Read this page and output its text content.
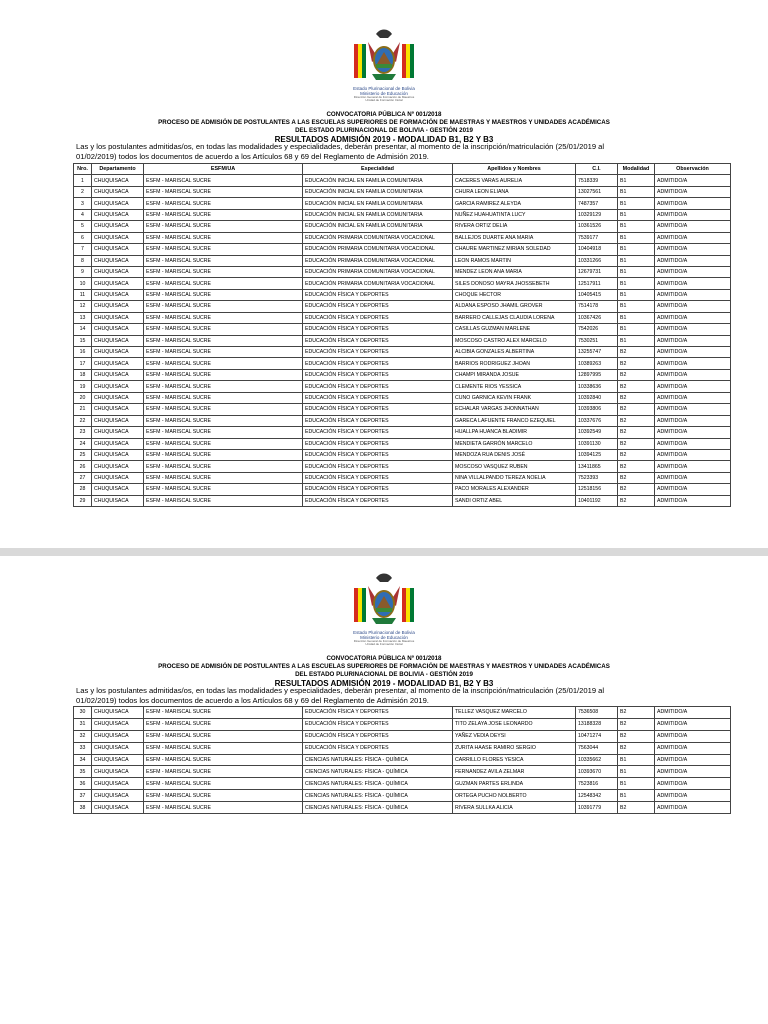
Estado Plurinacional de Bolivia
Ministerio de Educación
Dirección General de Formación de Maestros
Unidad de Formación Inicial
CONVOCATORIA PÚBLICA Nº 001/2018
PROCESO DE ADMISIÓN DE POSTULANTES A LAS ESCUELAS SUPERIORES DE FORMACIÓN DE MAESTRAS Y MAESTROS Y UNIDADES ACADÉMICAS
DEL ESTADO PLURINACIONAL DE BOLIVIA - GESTIÓN 2019
RESULTADOS ADMISIÓN 2019 - MODALIDAD B1, B2 Y B3
Las y los postulantes admitidas/os, en todas las modalidades y especialidades, deberán presentar, al momento de la inscripción/matriculación (25/01/2019 al
01/02/2019) todos los documentos de acuerdo a los Artículos 68 y 69 del Reglamento de Admisión 2019.
Nro.	Departamento	ESFM/UA	Especialidad	Apellidos y Nombres	C.I.	Modalidad	Observación
1	CHUQUISACA	ESFM - MARISCAL SUCRE	EDUCACIÓN INICIAL EN FAMILIA COMUNITARIA	CACERES VARAS AURELIA	7518339	B1	ADMITIDO/A
2	CHUQUISACA	ESFM - MARISCAL SUCRE	EDUCACIÓN INICIAL EN FAMILIA COMUNITARIA	CHURA LEON ELIANA	13027561	B1	ADMITIDO/A
3	CHUQUISACA	ESFM - MARISCAL SUCRE	EDUCACIÓN INICIAL EN FAMILIA COMUNITARIA	GARCIA RAMIREZ ALEYDA	7487357	B1	ADMITIDO/A
4	CHUQUISACA	ESFM - MARISCAL SUCRE	EDUCACIÓN INICIAL EN FAMILIA COMUNITARIA	NUÑEZ HUAHUATINTA LUCY	10329129	B1	ADMITIDO/A
5	CHUQUISACA	ESFM - MARISCAL SUCRE	EDUCACIÓN INICIAL EN FAMILIA COMUNITARIA	RIVERA ORTIZ DELIA	10361526	B1	ADMITIDO/A
6	CHUQUISACA	ESFM - MARISCAL SUCRE	EDUCACIÓN PRIMARIA COMUNITARIA VOCACIONAL	BALLEJOS DUARTE ANA MARIA	7539177	B1	ADMITIDO/A
7	CHUQUISACA	ESFM - MARISCAL SUCRE	EDUCACIÓN PRIMARIA COMUNITARIA VOCACIONAL	CHAURE MARTINEZ MIRIAN SOLEDAD	10404918	B1	ADMITIDO/A
8	CHUQUISACA	ESFM - MARISCAL SUCRE	EDUCACIÓN PRIMARIA COMUNITARIA VOCACIONAL	LEON RAMOS MARTIN	10331266	B1	ADMITIDO/A
9	CHUQUISACA	ESFM - MARISCAL SUCRE	EDUCACIÓN PRIMARIA COMUNITARIA VOCACIONAL	MENDEZ LEON ANA MARIA	12679731	B1	ADMITIDO/A
10	CHUQUISACA	ESFM - MARISCAL SUCRE	EDUCACIÓN PRIMARIA COMUNITARIA VOCACIONAL	SILES DONOSO MAYRA JHOSSEBETH	12517911	B1	ADMITIDO/A
11	CHUQUISACA	ESFM - MARISCAL SUCRE	EDUCACIÓN FÍSICA Y DEPORTES	CHOQUE HECTOR	10405415	B1	ADMITIDO/A
12	CHUQUISACA	ESFM - MARISCAL SUCRE	EDUCACIÓN FÍSICA Y DEPORTES	ALDANA ESPOSO JHAMIL GROVER	7514178	B1	ADMITIDO/A
13	CHUQUISACA	ESFM - MARISCAL SUCRE	EDUCACIÓN FÍSICA Y DEPORTES	BARRERO CALLEJAS CLAUDIA LORENA	10367426	B1	ADMITIDO/A
14	CHUQUISACA	ESFM - MARISCAL SUCRE	EDUCACIÓN FÍSICA Y DEPORTES	CASILLAS GUZMAN MARLENE	7542026	B1	ADMITIDO/A
15	CHUQUISACA	ESFM - MARISCAL SUCRE	EDUCACIÓN FÍSICA Y DEPORTES	MOSCOSO CASTRO ALEX MARCELO	7530251	B1	ADMITIDO/A
16	CHUQUISACA	ESFM - MARISCAL SUCRE	EDUCACIÓN FÍSICA Y DEPORTES	ALCIBIA GONZALES ALBERTINA	13255747	B2	ADMITIDO/A
17	CHUQUISACA	ESFM - MARISCAL SUCRE	EDUCACIÓN FÍSICA Y DEPORTES	BARRIOS RODRIGUEZ JHOAN	10389263	B2	ADMITIDO/A
18	CHUQUISACA	ESFM - MARISCAL SUCRE	EDUCACIÓN FÍSICA Y DEPORTES	CHAMPI MIRANDA JOSUE	12897995	B2	ADMITIDO/A
19	CHUQUISACA	ESFM - MARISCAL SUCRE	EDUCACIÓN FÍSICA Y DEPORTES	CLEMENTE RIOS YESSICA	10338636	B2	ADMITIDO/A
20	CHUQUISACA	ESFM - MARISCAL SUCRE	EDUCACIÓN FÍSICA Y DEPORTES	CUNO GARNICA KEVIN FRANK	10392840	B2	ADMITIDO/A
21	CHUQUISACA	ESFM - MARISCAL SUCRE	EDUCACIÓN FÍSICA Y DEPORTES	ECHALAR VARGAS JHONNATHAN	10393806	B2	ADMITIDO/A
22	CHUQUISACA	ESFM - MARISCAL SUCRE	EDUCACIÓN FÍSICA Y DEPORTES	GARECA LAFUENTE FRANCO EZEQUIEL	10337676	B2	ADMITIDO/A
23	CHUQUISACA	ESFM - MARISCAL SUCRE	EDUCACIÓN FÍSICA Y DEPORTES	HUALLPA HUANCA BLADIMIR	10392549	B2	ADMITIDO/A
24	CHUQUISACA	ESFM - MARISCAL SUCRE	EDUCACIÓN FÍSICA Y DEPORTES	MENDIETA GARRÓN MARCELO	10391130	B2	ADMITIDO/A
25	CHUQUISACA	ESFM - MARISCAL SUCRE	EDUCACIÓN FÍSICA Y DEPORTES	MENDOZA RUA DENIS JOSÉ	10394125	B2	ADMITIDO/A
26	CHUQUISACA	ESFM - MARISCAL SUCRE	EDUCACIÓN FÍSICA Y DEPORTES	MOSCOSO VASQUEZ RUBEN	13411865	B2	ADMITIDO/A
27	CHUQUISACA	ESFM - MARISCAL SUCRE	EDUCACIÓN FÍSICA Y DEPORTES	NINA VILLALPANDO TEREZA NOELIA	7523393	B2	ADMITIDO/A
28	CHUQUISACA	ESFM - MARISCAL SUCRE	EDUCACIÓN FÍSICA Y DEPORTES	PACO MORALES ALEXANDER	12518156	B2	ADMITIDO/A
29	CHUQUISACA	ESFM - MARISCAL SUCRE	EDUCACIÓN FÍSICA Y DEPORTES	SANDI ORTIZ ABEL	10401192	B2	ADMITIDO/A
Estado Plurinacional de Bolivia
Ministerio de Educación
Dirección General de Formación de Maestros
Unidad de Formación Inicial
CONVOCATORIA PÚBLICA Nº 001/2018
PROCESO DE ADMISIÓN DE POSTULANTES A LAS ESCUELAS SUPERIORES DE FORMACIÓN DE MAESTRAS Y MAESTROS Y UNIDADES ACADÉMICAS
DEL ESTADO PLURINACIONAL DE BOLIVIA - GESTIÓN 2019
RESULTADOS ADMISIÓN 2019 - MODALIDAD B1, B2 Y B3
Las y los postulantes admitidas/os, en todas las modalidades y especialidades, deberán presentar, al momento de la inscripción/matriculación (25/01/2019 al
01/02/2019) todos los documentos de acuerdo a los Artículos 68 y 69 del Reglamento de Admisión 2019.
30	CHUQUISACA	ESFM - MARISCAL SUCRE	EDUCACIÓN FÍSICA Y DEPORTES	TELLEZ VASQUEZ MARCELO	7536508	B2	ADMITIDO/A
31	CHUQUISACA	ESFM - MARISCAL SUCRE	EDUCACIÓN FÍSICA Y DEPORTES	TITO ZELAYA JOSE LEONARDO	13188328	B2	ADMITIDO/A
32	CHUQUISACA	ESFM - MARISCAL SUCRE	EDUCACIÓN FÍSICA Y DEPORTES	YAÑEZ VEDIA DEYSI	10471274	B2	ADMITIDO/A
33	CHUQUISACA	ESFM - MARISCAL SUCRE	EDUCACIÓN FÍSICA Y DEPORTES	ZURITA HAASE RAMIRO SERGIO	7563044	B2	ADMITIDO/A
34	CHUQUISACA	ESFM - MARISCAL SUCRE	CIENCIAS NATURALES: FÍSICA - QUÍMICA	CARRILLO FLORES YESICA	10335662	B1	ADMITIDO/A
35	CHUQUISACA	ESFM - MARISCAL SUCRE	CIENCIAS NATURALES: FÍSICA - QUÍMICA	FERNANDEZ AVILA ZELMAR	10393670	B1	ADMITIDO/A
36	CHUQUISACA	ESFM - MARISCAL SUCRE	CIENCIAS NATURALES: FÍSICA - QUÍMICA	GUZMAN PARTES ERLINDA	7523816	B1	ADMITIDO/A
37	CHUQUISACA	ESFM - MARISCAL SUCRE	CIENCIAS NATURALES: FÍSICA - QUÍMICA	ORTEGA PUCHO NOLBERTO	12548342	B1	ADMITIDO/A
38	CHUQUISACA	ESFM - MARISCAL SUCRE	CIENCIAS NATURALES: FÍSICA - QUÍMICA	RIVERA SULLKA ALICIA	10391779	B2	ADMITIDO/A
